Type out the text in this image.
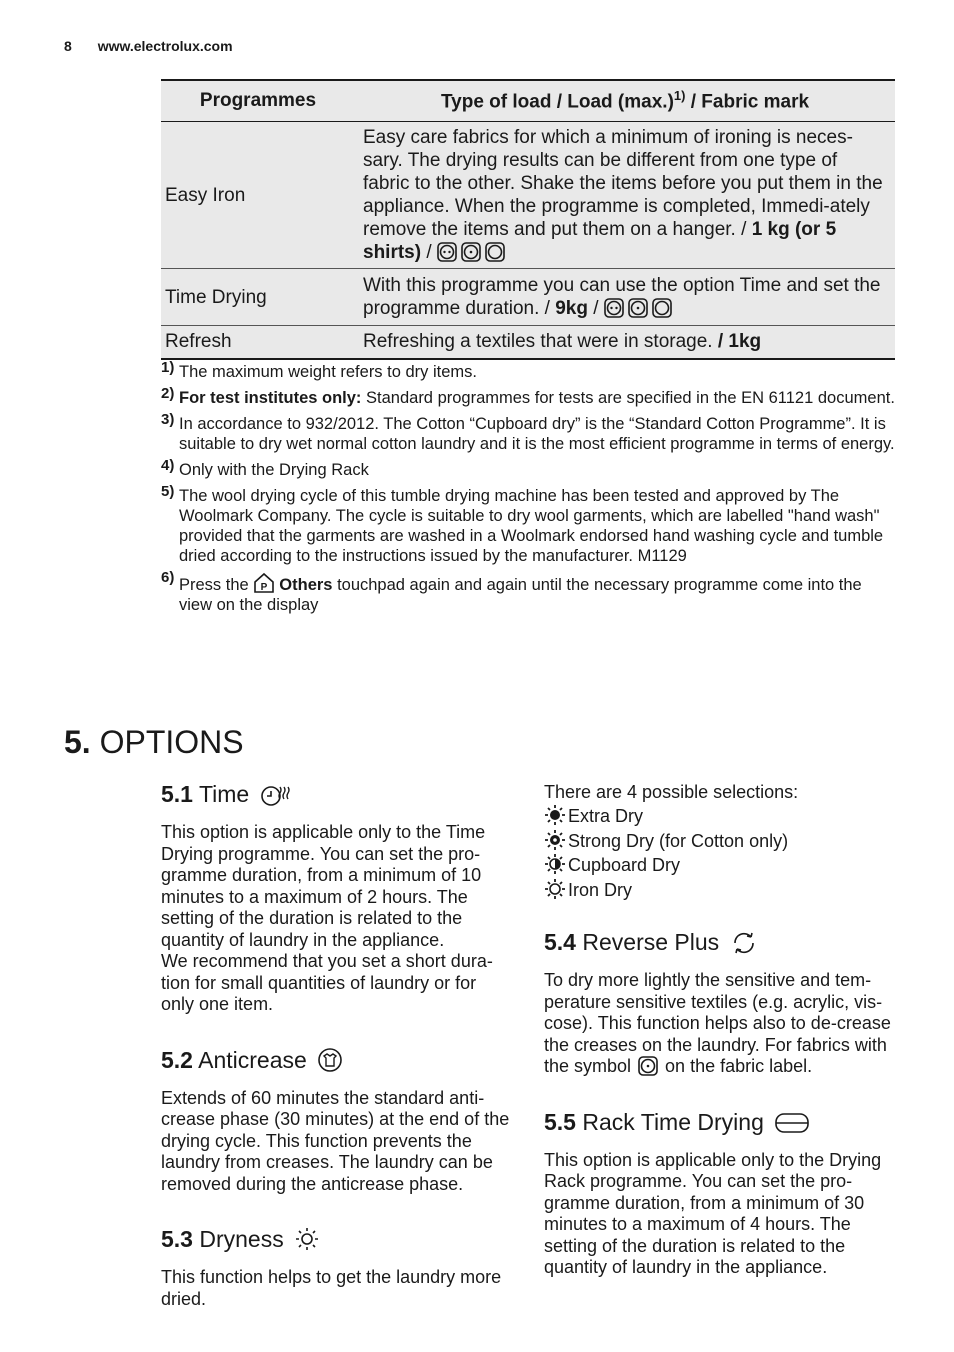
8 www.electrolux.com
Programmes	Type of load / Load $(\max.)^{1)}$ / Fabric mark
Easy Iron	Easy care fabrics for which a minimum of ironing is neces-sary. The drying results can be different from one type of fabric to the other. Shake the items before you put them in the appliance. When the programme is completed, Immedi-ately remove the items and put them on a hanger. / 1 kg (or 5 shirts) /
Time Drying	With this programme you can use the option Time and set the programme duration. / 9kg /
Refresh	Refreshing a textiles that were in storage. / 1kg
1) The maximum weight refers to dry items.
2) For test institutes only: Standard programmes for tests are specified in the EN 61121 document.
3) In accordance to 932/2012. The Cotton “Cupboard dry” is the “Standard Cotton Programme”. It is suitable to dry wet normal cotton laundry and it is the most efficient programme in terms of energy.
4) Only with the Drying Rack
5) The wool drying cycle of this tumble drying machine has been tested and approved by The Woolmark Company. The cycle is suitable to dry wool garments, which are labelled "hand wash" provided that the garments are washed in a Woolmark endorsed hand washing cycle and tumble dried according to the instructions issued by the manufacturer. M1129
6) Press the P Others touchpad again and again until the necessary programme come into the view on the display
5. OPTIONS
5.1 Time
This option is applicable only to the Time Drying programme. You can set the pro-gramme duration, from a minimum of 10 minutes to a maximum of 2 hours. The setting of the duration is related to the quantity of laundry in the appliance.
We recommend that you set a short dura-tion for small quantities of laundry or for only one item.
5.2 Anticrease
Extends of 60 minutes the standard anti-crease phase (30 minutes) at the end of the drying cycle. This function prevents the laundry from creases. The laundry can be removed during the anticrease phase.
5.3 Dryness
This function helps to get the laundry more dried.
There are 4 possible selections:
Extra Dry
Strong Dry (for Cotton only)
Cupboard Dry
Iron Dry
5.4 Reverse Plus
To dry more lightly the sensitive and tem-perature sensitive textiles (e.g. acrylic, vis-cose). This function helps also to de-crease the creases on the laundry. For fabrics with the symbol  on the fabric label.
5.5 Rack Time Drying
This option is applicable only to the Drying Rack programme. You can set the pro-gramme duration, from a minimum of 30 minutes to a maximum of 4 hours. The setting of the duration is related to the quantity of laundry in the appliance.
